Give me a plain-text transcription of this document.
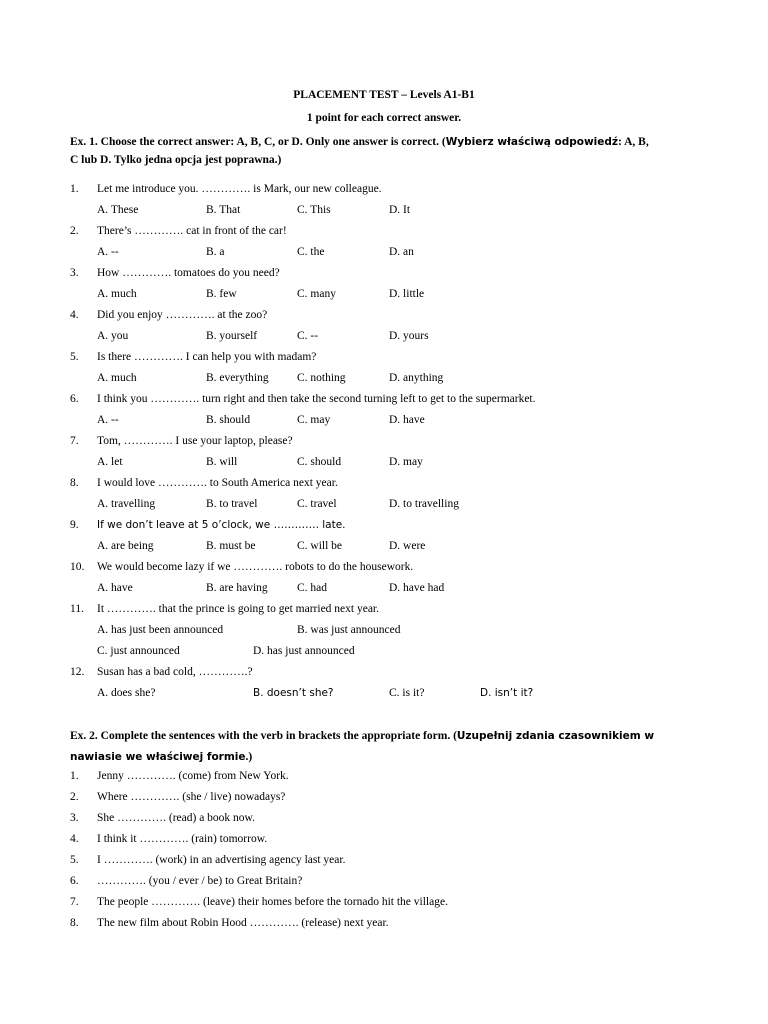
PLACEMENT TEST – Levels A1-B1
1 point for each correct answer.
Ex. 1. Choose the correct answer: A, B, C, or D. Only one answer is correct. (Wybierz właściwą odpowiedź: A, B,
C lub D. Tylko jedna opcja jest poprawna.)
1. Let me introduce you. …………. is Mark, our new colleague.
A. These	B. That	C. This	D. It
2. There’s …………. cat in front of the car!
A. --	B. a	C. the	D. an
3. How …………. tomatoes do you need?
A. much	B. few	C. many	D. little
4. Did you enjoy …………. at the zoo?
A. you	B. yourself	C. --	D. yours
5. Is there …………. I can help you with madam?
A. much	B. everything C. nothing	D. anything
6. I think you …………. turn right and then take the second turning left to get to the supermarket.
A. --	B. should	C. may	D. have
7. Tom, …………. I use your laptop, please?
A. let	B. will	C. should	D. may
8. I would love …………. to South America next year.
A. travelling	B. to travel	C. travel	D. to travelling
9. If we don’t leave at 5 o’clock, we …………. late.
A. are being	B. must be	C. will be	D. were
10. We would become lazy if we …………. robots to do the housework.
A. have	B. are having	C. had	D. have had
11. It …………. that the prince is going to get married next year.
A. has just been announced	B. was just announced
C. just announced	D. has just announced
12. Susan has a bad cold, ………….?
A. does she?	B. doesn’t she?	C. is it?	D. isn’t it?
Ex. 2. Complete the sentences with the verb in brackets the appropriate form. (Uzupełnij zdania czasownikiem w
nawiasie we właściwej formie.)
1. Jenny …………. (come) from New York.
2. Where …………. (she / live) nowadays?
3. She …………. (read) a book now.
4. I think it …………. (rain) tomorrow.
5. I …………. (work) in an advertising agency last year.
6. …………. (you / ever / be) to Great Britain?
7. The people …………. (leave) their homes before the tornado hit the village.
8. The new film about Robin Hood …………. (release) next year.
